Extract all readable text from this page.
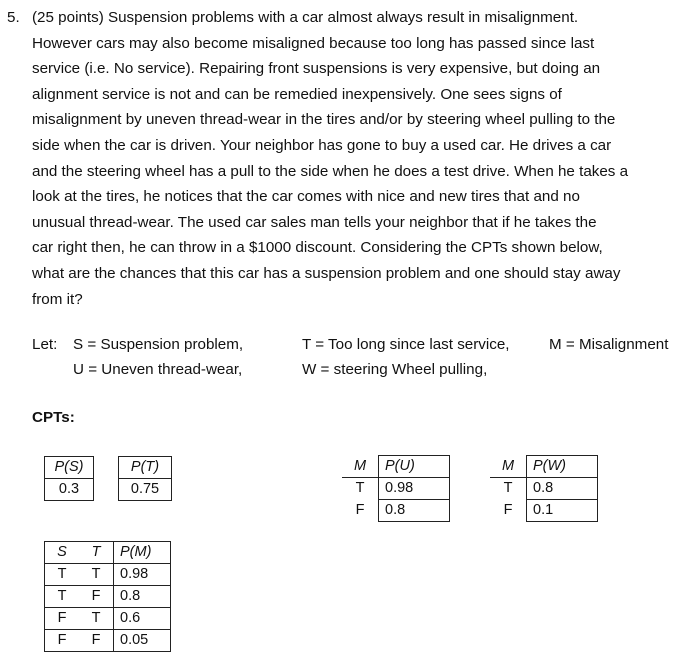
5. (25 points) Suspension problems with a car almost always result in misalignment.
However cars may also become misaligned because too long has passed since last
service (i.e. No service). Repairing front suspensions is very expensive, but doing an
alignment service is not and can be remedied inexpensively. One sees signs of
misalignment by uneven thread-wear in the tires and/or by steering wheel pulling to the
side when the car is driven. Your neighbor has gone to buy a used car. He drives a car
and the steering wheel has a pull to the side when he does a test drive. When he takes a
look at the tires, he notices that the car comes with nice and new tires that and no
unusual thread-wear. The used car sales man tells your neighbor that if he takes the
car right then, he can throw in a $1000 discount. Considering the CPTs shown below,
what are the chances that this car has a suspension problem and one should stay away
from it?
Let: S = Suspension problem,	T = Too long since last service,	M = Misalignment
U = Uneven thread-wear,	W = steering Wheel pulling,
CPTs:
P(S)
0.3
P(T)
0.75
M	P(U)
T	0.98
F	0.8
M	P(W)
T	0.8
F	0.1
S	T	P(M)
T	T	0.98
T	F	0.8
F	T	0.6
F	F	0.05
